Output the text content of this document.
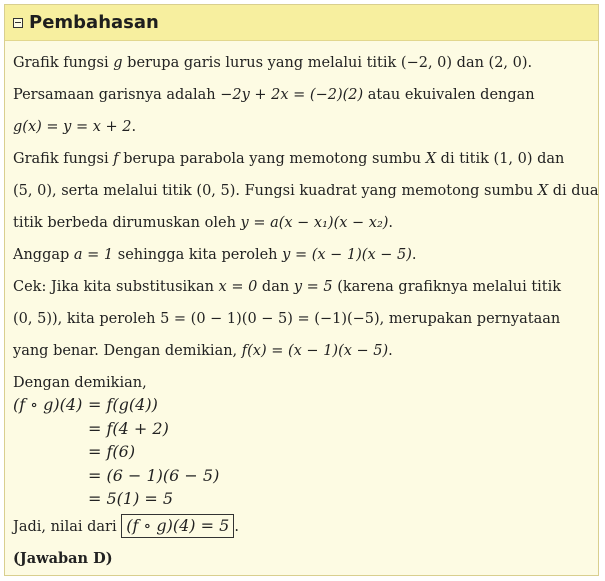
Pembahasan
Grafik fungsi g berupa garis lurus yang melalui titik (−2, 0) dan (2, 0).
Persamaan garisnya adalah −2y + 2x = (−2)(2) atau ekuivalen dengan
g(x) = y = x + 2.
Grafik fungsi f berupa parabola yang memotong sumbu X di titik (1, 0) dan
(5, 0), serta melalui titik (0, 5). Fungsi kuadrat yang memotong sumbu X di dua
titik berbeda dirumuskan oleh y = a(x − x₁)(x − x₂).
Anggap a = 1 sehingga kita peroleh y = (x − 1)(x − 5).
Cek: Jika kita substitusikan x = 0 dan y = 5 (karena grafiknya melalui titik
(0, 5)), kita peroleh 5 = (0 − 1)(0 − 5) = (−1)(−5), merupakan pernyataan
yang benar. Dengan demikian, f(x) = (x − 1)(x − 5).
Dengan demikian,
(f ∘ g)(4) = f(g(4))
= f(4 + 2)
= f(6)
= (6 − 1)(6 − 5)
= 5(1) = 5
Jadi, nilai dari (f ∘ g)(4) = 5 .
(Jawaban D)
